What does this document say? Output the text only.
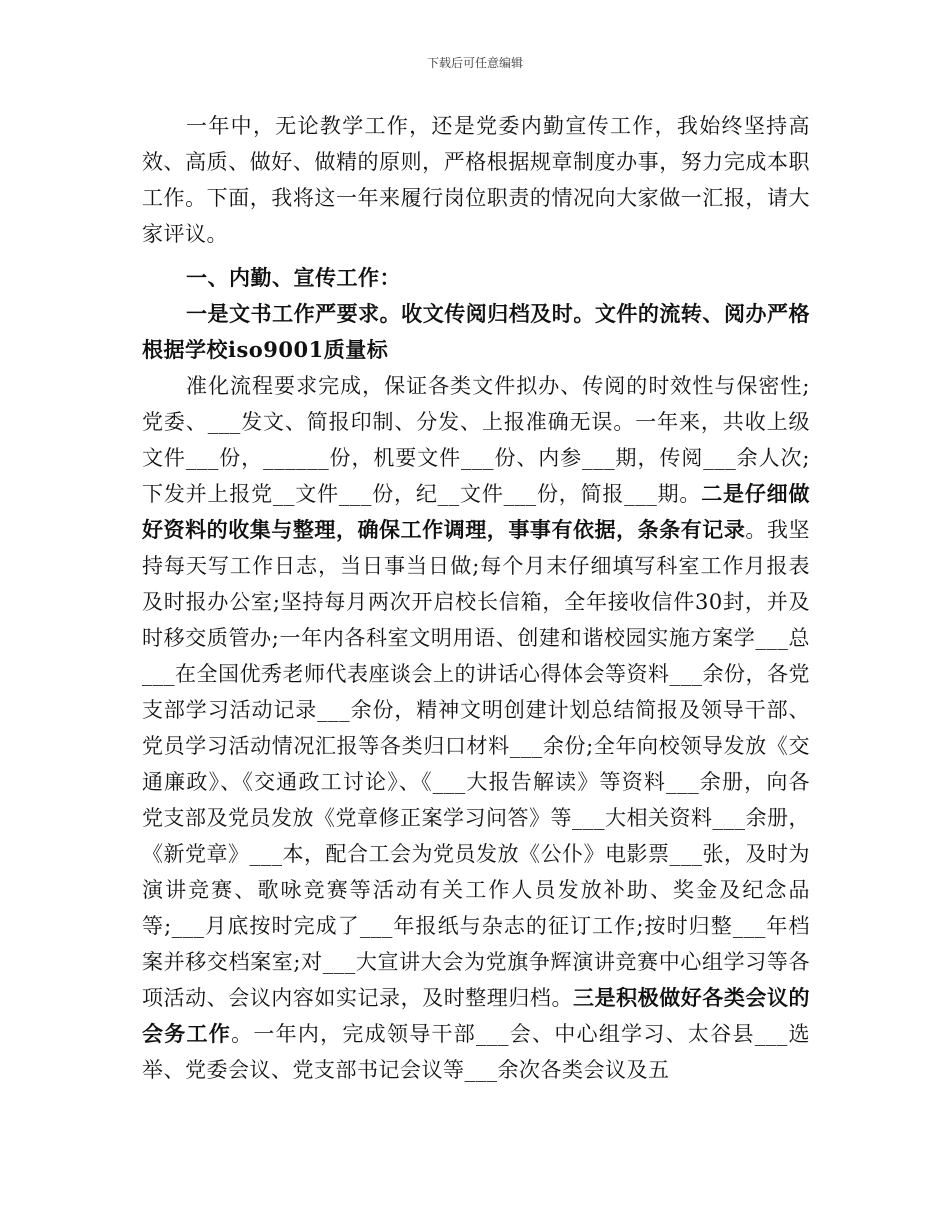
下载后可任意编辑

一年中，无论教学工作，还是党委内勤宣传工作，我始终坚持高效、高质、做好、做精的原则，严格根据规章制度办事，努力完成本职工作。下面，我将这一年来履行岗位职责的情况向大家做一汇报，请大家评议。

一、内勤、宣传工作：

一是文书工作严要求。收文传阅归档及时。文件的流转、阅办严格根据学校iso9001质量标

准化流程要求完成，保证各类文件拟办、传阅的时效性与保密性;党委、___发文、简报印制、分发、上报准确无误。一年来，共收上级文件___份，______份，机要文件___份、内参___期，传阅___余人次;下发并上报党__文件___份，纪__文件___份，简报___期。二是仔细做好资料的收集与整理，确保工作调理，事事有依据，条条有记录。我坚持每天写工作日志，当日事当日做;每个月末仔细填写科室工作月报表及时报办公室;坚持每月两次开启校长信箱，全年接收信件30封，并及时移交质管办;一年内各科室文明用语、创建和谐校园实施方案学___总___在全国优秀老师代表座谈会上的讲话心得体会等资料___余份，各党支部学习活动记录___余份，精神文明创建计划总结简报及领导干部、党员学习活动情况汇报等各类归口材料___余份;全年向校领导发放《交通廉政》、《交通政工讨论》、《___大报告解读》等资料___余册，向各党支部及党员发放《党章修正案学习问答》等___大相关资料___余册，《新党章》___本，配合工会为党员发放《公仆》电影票___张，及时为演讲竞赛、歌咏竞赛等活动有关工作人员发放补助、奖金及纪念品等;___月底按时完成了___年报纸与杂志的征订工作;按时归整___年档案并移交档案室;对___大宣讲大会为党旗争辉演讲竞赛中心组学习等各项活动、会议内容如实记录，及时整理归档。三是积极做好各类会议的会务工作。一年内，完成领导干部___会、中心组学习、太谷县___选举、党委会议、党支部书记会议等___余次各类会议及五
